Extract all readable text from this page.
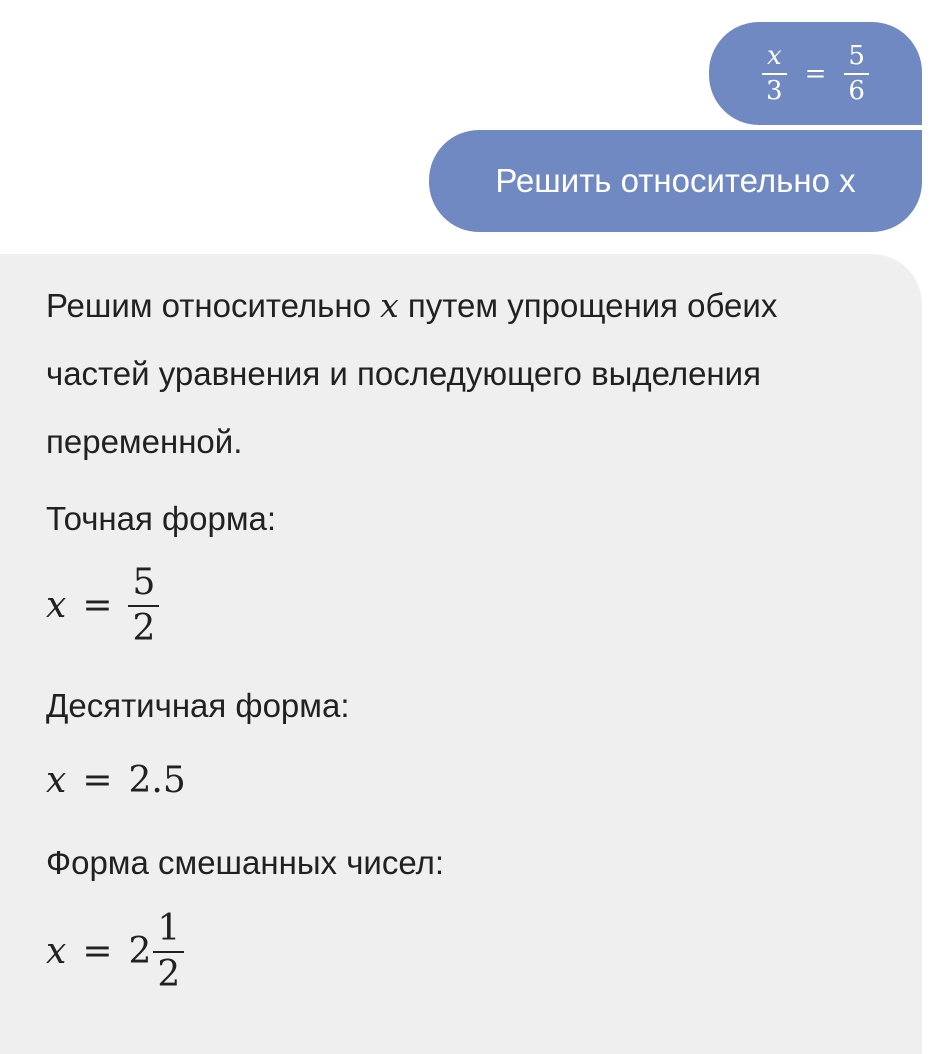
$\frac{x}{3} = \frac{5}{6}$
Решить относительно x

Решим относительно x путем упрощения обеих частей уравнения и последующего выделения переменной.

Точная форма:
$x = \frac{5}{2}$
Десятичная форма:
x = 2.5
Форма смешанных чисел:
$x = 2 \frac{1}{2}$
